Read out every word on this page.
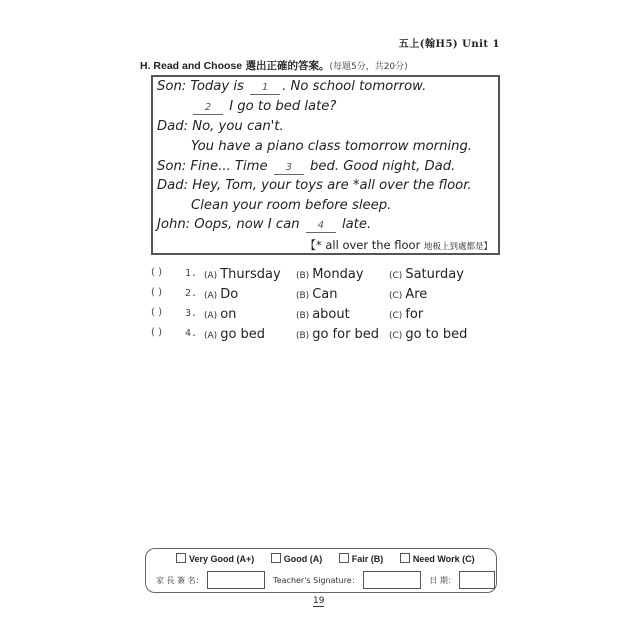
五上(翰H5) Unit 1
H. Read and Choose 選出正確的答案。(每題5分，共20分)
Son: Today is 1 . No school tomorrow.
2 I go to bed late?
Dad: No, you can't.
You have a piano class tomorrow morning.
Son: Fine... Time 3 bed. Good night, Dad.
Dad: Hey, Tom, your toys are *all over the floor.
Clean your room before sleep.
John: Oops, now I can 4 late.
【* all over the floor 地板上到處都是】
( ) 1. (A) Thursday (B) Monday	(C) Saturday
( ) 2. (A) Do	(B) Can	(C) Are
( ) 3. (A) on	(B) about	(C) for
( ) 4. (A) go bed	(B) go for bed (C) go to bed
Very Good (A+)	Good (A)	Fair (B)	Need Work (C)
家 長 簽 名：	Teacher's Signature：	日 期：
19
